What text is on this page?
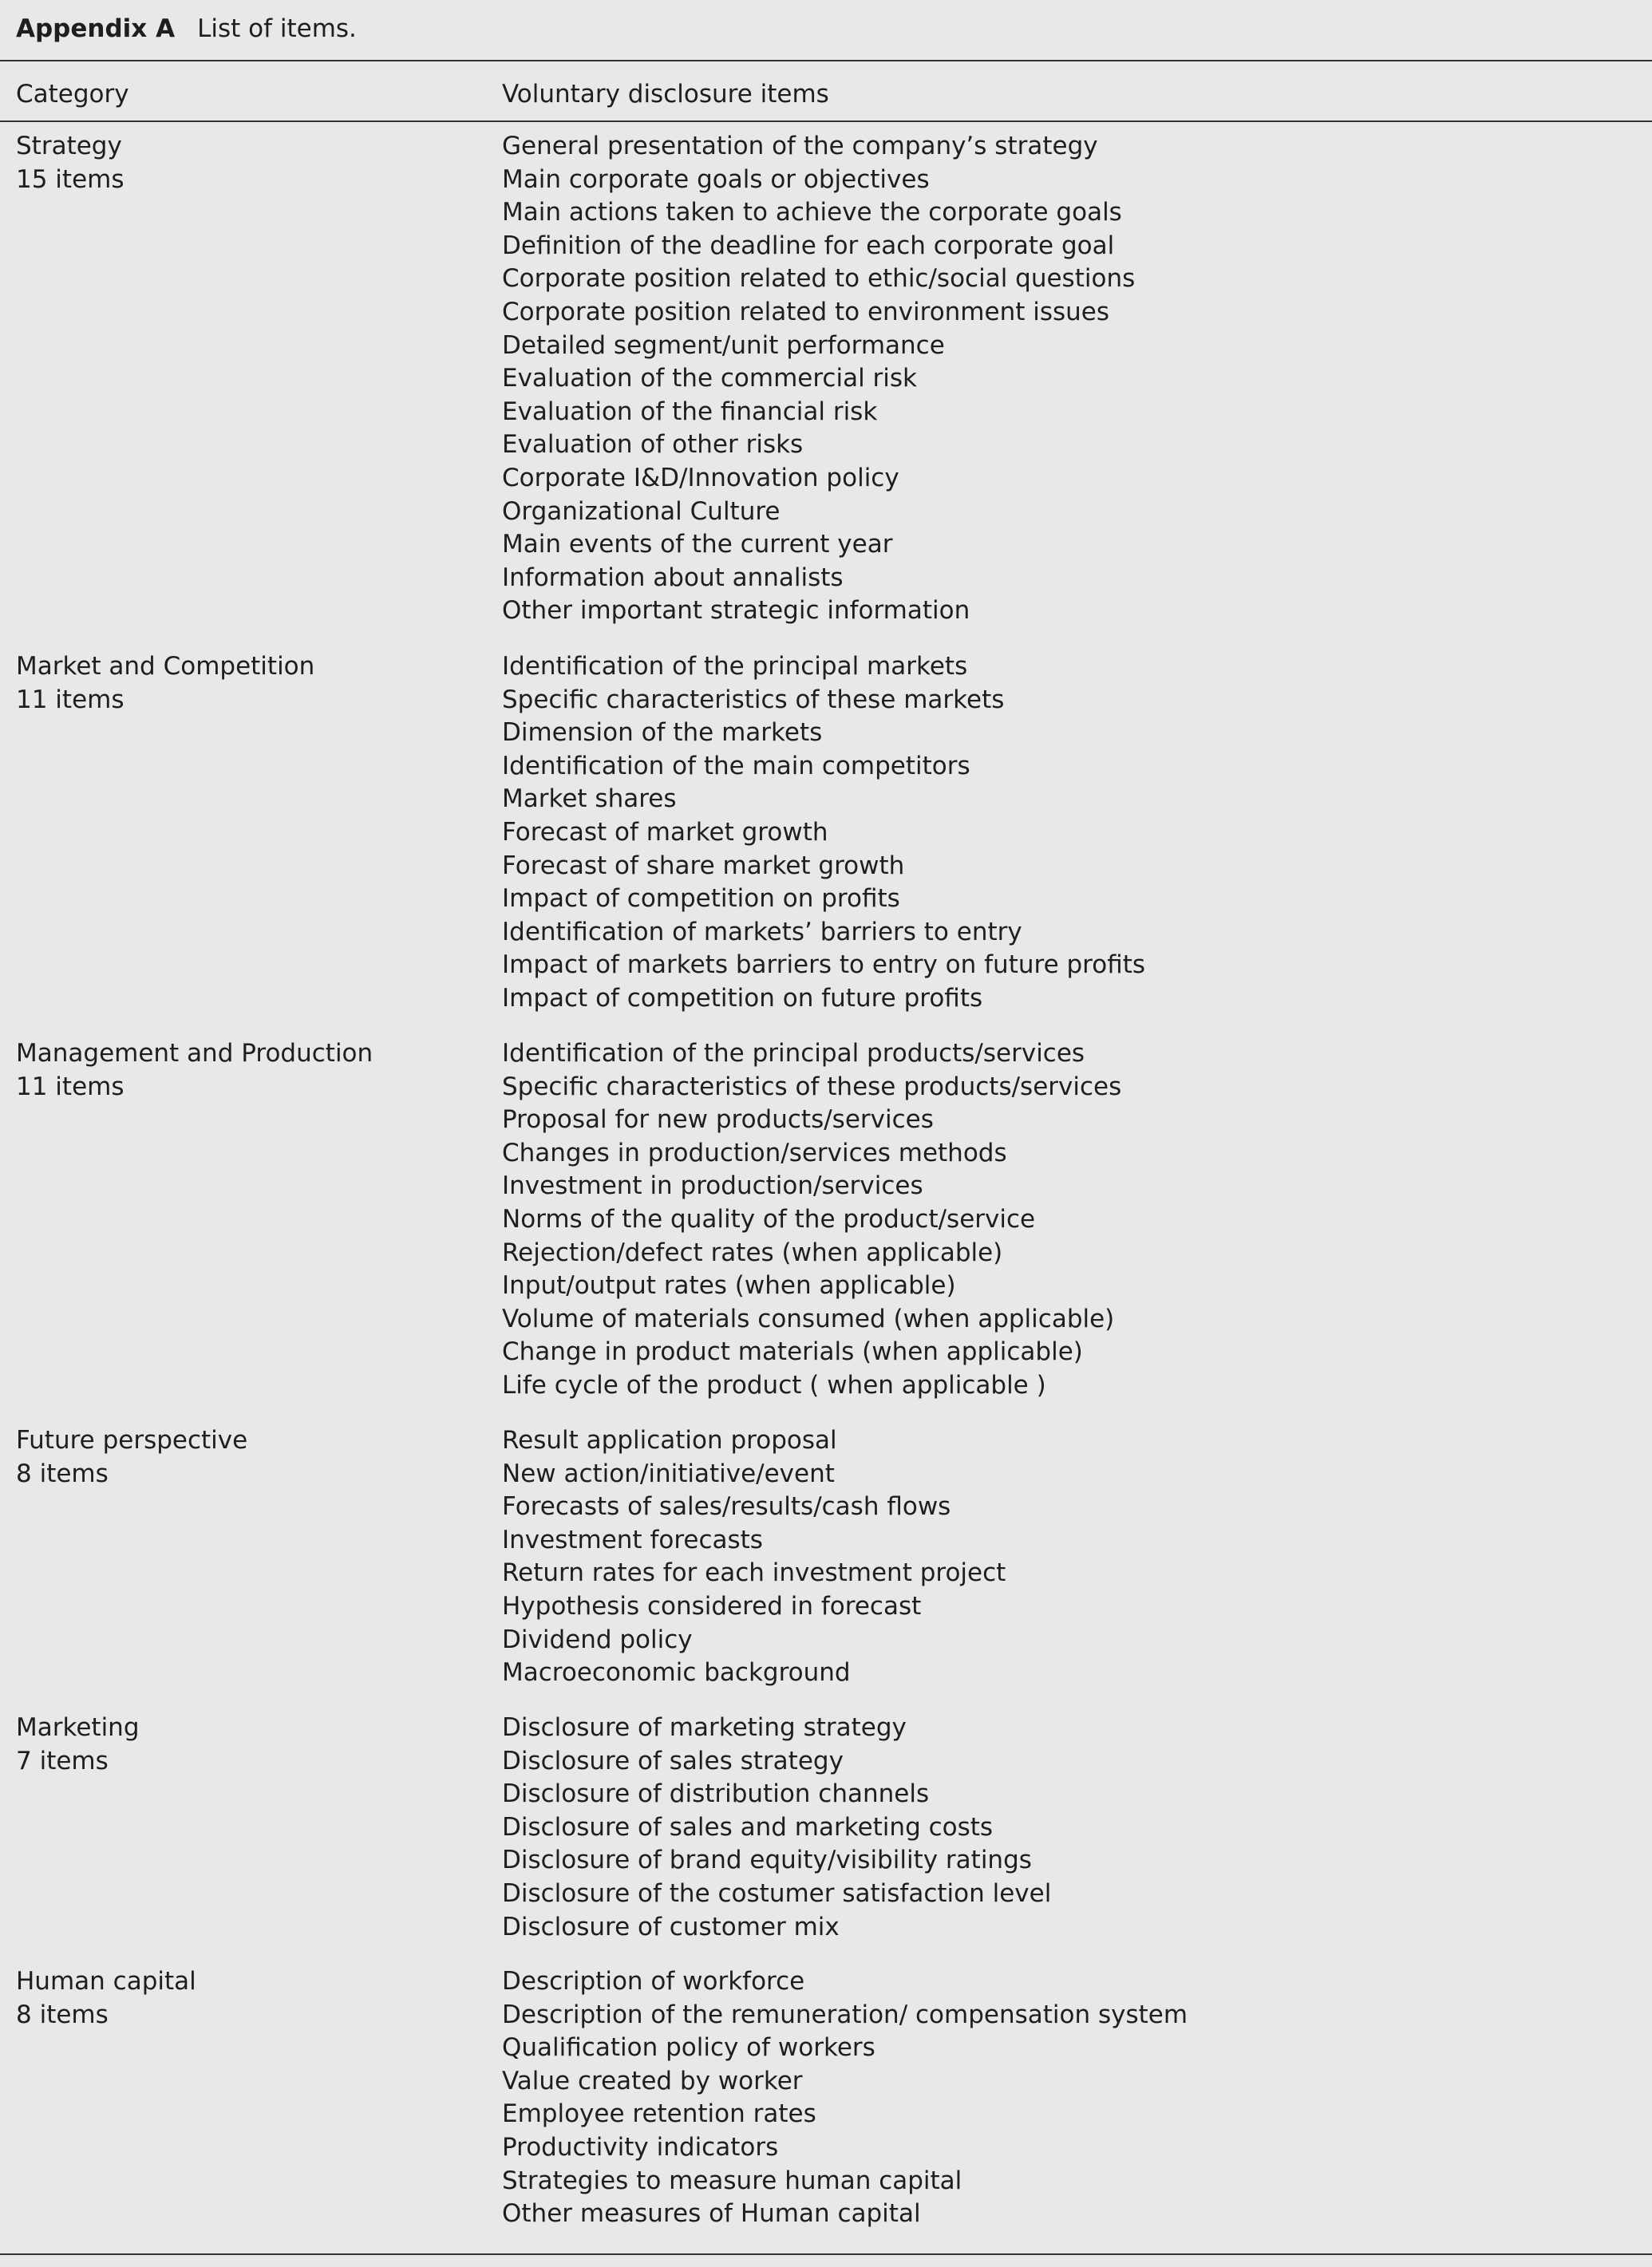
Appendix A List of items.
Category	Voluntary disclosure items
Strategy
15 items
General presentation of the company’s strategy
Main corporate goals or objectives
Main actions taken to achieve the corporate goals
Definition of the deadline for each corporate goal
Corporate position related to ethic/social questions
Corporate position related to environment issues
Detailed segment/unit performance
Evaluation of the commercial risk
Evaluation of the financial risk
Evaluation of other risks
Corporate I&D/Innovation policy
Organizational Culture
Main events of the current year
Information about annalists
Other important strategic information
Market and Competition
11 items
Identification of the principal markets
Specific characteristics of these markets
Dimension of the markets
Identification of the main competitors
Market shares
Forecast of market growth
Forecast of share market growth
Impact of competition on profits
Identification of markets’ barriers to entry
Impact of markets barriers to entry on future profits
Impact of competition on future profits
Management and Production
11 items
Identification of the principal products/services
Specific characteristics of these products/services
Proposal for new products/services
Changes in production/services methods
Investment in production/services
Norms of the quality of the product/service
Rejection/defect rates (when applicable)
Input/output rates (when applicable)
Volume of materials consumed (when applicable)
Change in product materials (when applicable)
Life cycle of the product ( when applicable )
Future perspective
8 items
Result application proposal
New action/initiative/event
Forecasts of sales/results/cash flows
Investment forecasts
Return rates for each investment project
Hypothesis considered in forecast
Dividend policy
Macroeconomic background
Marketing
7 items
Disclosure of marketing strategy
Disclosure of sales strategy
Disclosure of distribution channels
Disclosure of sales and marketing costs
Disclosure of brand equity/visibility ratings
Disclosure of the costumer satisfaction level
Disclosure of customer mix
Human capital
8 items
Description of workforce
Description of the remuneration/ compensation system
Qualification policy of workers
Value created by worker
Employee retention rates
Productivity indicators
Strategies to measure human capital
Other measures of Human capital
